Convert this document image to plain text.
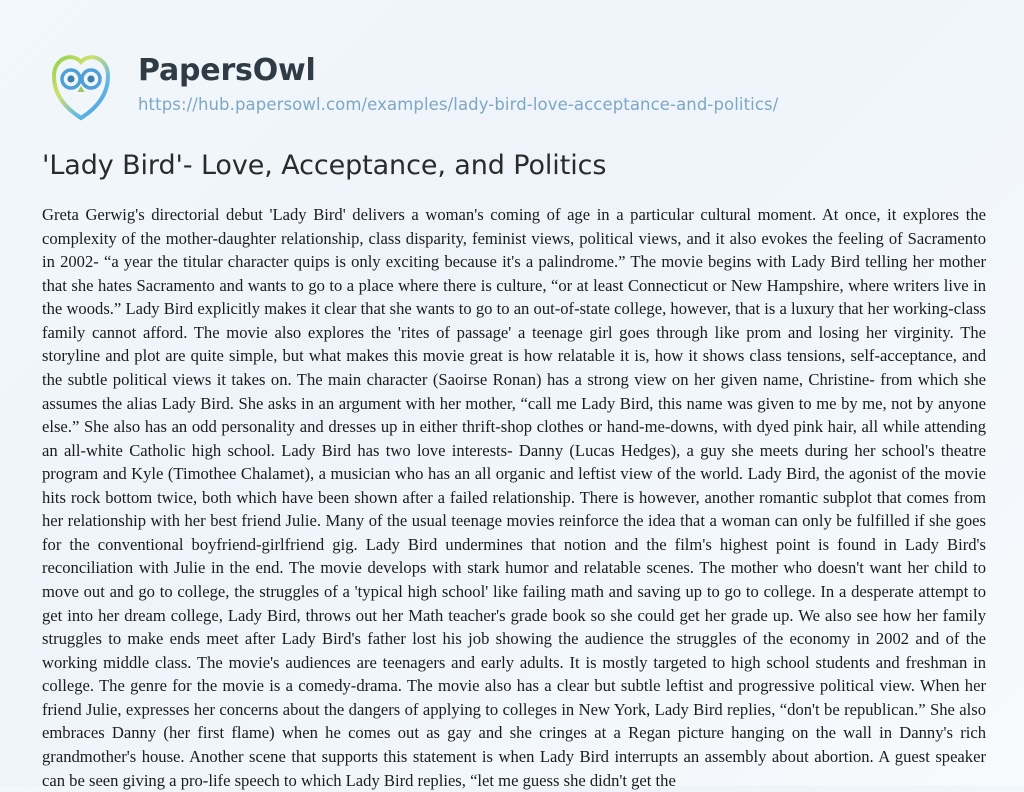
PapersOwl
https://hub.papersowl.com/examples/lady-bird-love-acceptance-and-politics/
'Lady Bird'- Love, Acceptance, and Politics

Greta Gerwig's directorial debut 'Lady Bird' delivers a woman's coming of age in a particular cultural moment. At once, it explores the complexity of the mother-daughter relationship, class disparity, feminist views, political views, and it also evokes the feeling of Sacramento in 2002- “a year the titular character quips is only exciting because it's a palindrome.” The movie begins with Lady Bird telling her mother that she hates Sacramento and wants to go to a place where there is culture, “or at least Connecticut or New Hampshire, where writers live in the woods.” Lady Bird explicitly makes it clear that she wants to go to an out-of-state college, however, that is a luxury that her working-class family cannot afford. The movie also explores the 'rites of passage' a teenage girl goes through like prom and losing her virginity. The storyline and plot are quite simple, but what makes this movie great is how relatable it is, how it shows class tensions, self-acceptance, and the subtle political views it takes on. The main character (Saoirse Ronan) has a strong view on her given name, Christine- from which she assumes the alias Lady Bird. She asks in an argument with her mother, “call me Lady Bird, this name was given to me by me, not by anyone else.” She also has an odd personality and dresses up in either thrift-shop clothes or hand-me-downs, with dyed pink hair, all while attending an all-white Catholic high school. Lady Bird has two love interests- Danny (Lucas Hedges), a guy she meets during her school's theatre program and Kyle (Timothee Chalamet), a musician who has an all organic and leftist view of the world. Lady Bird, the agonist of the movie hits rock bottom twice, both which have been shown after a failed relationship. There is however, another romantic subplot that comes from her relationship with her best friend Julie. Many of the usual teenage movies reinforce the idea that a woman can only be fulfilled if she goes for the conventional boyfriend-girlfriend gig. Lady Bird undermines that notion and the film's highest point is found in Lady Bird's reconciliation with Julie in the end. The movie develops with stark humor and relatable scenes. The mother who doesn't want her child to move out and go to college, the struggles of a 'typical high school' like failing math and saving up to go to college. In a desperate attempt to get into her dream college, Lady Bird, throws out her Math teacher's grade book so she could get her grade up. We also see how her family struggles to make ends meet after Lady Bird's father lost his job showing the audience the struggles of the economy in 2002 and of the working middle class. The movie's audiences are teenagers and early adults. It is mostly targeted to high school students and freshman in college. The genre for the movie is a comedy-drama. The movie also has a clear but subtle leftist and progressive political view. When her friend Julie, expresses her concerns about the dangers of applying to colleges in New York, Lady Bird replies, “don't be republican.” She also embraces Danny (her first flame) when he comes out as gay and she cringes at a Regan picture hanging on the wall in Danny's rich grandmother's house. Another scene that supports this statement is when Lady Bird interrupts an assembly about abortion. A guest speaker can be seen giving a pro-life speech to which Lady Bird replies, “let me guess she didn't get the
